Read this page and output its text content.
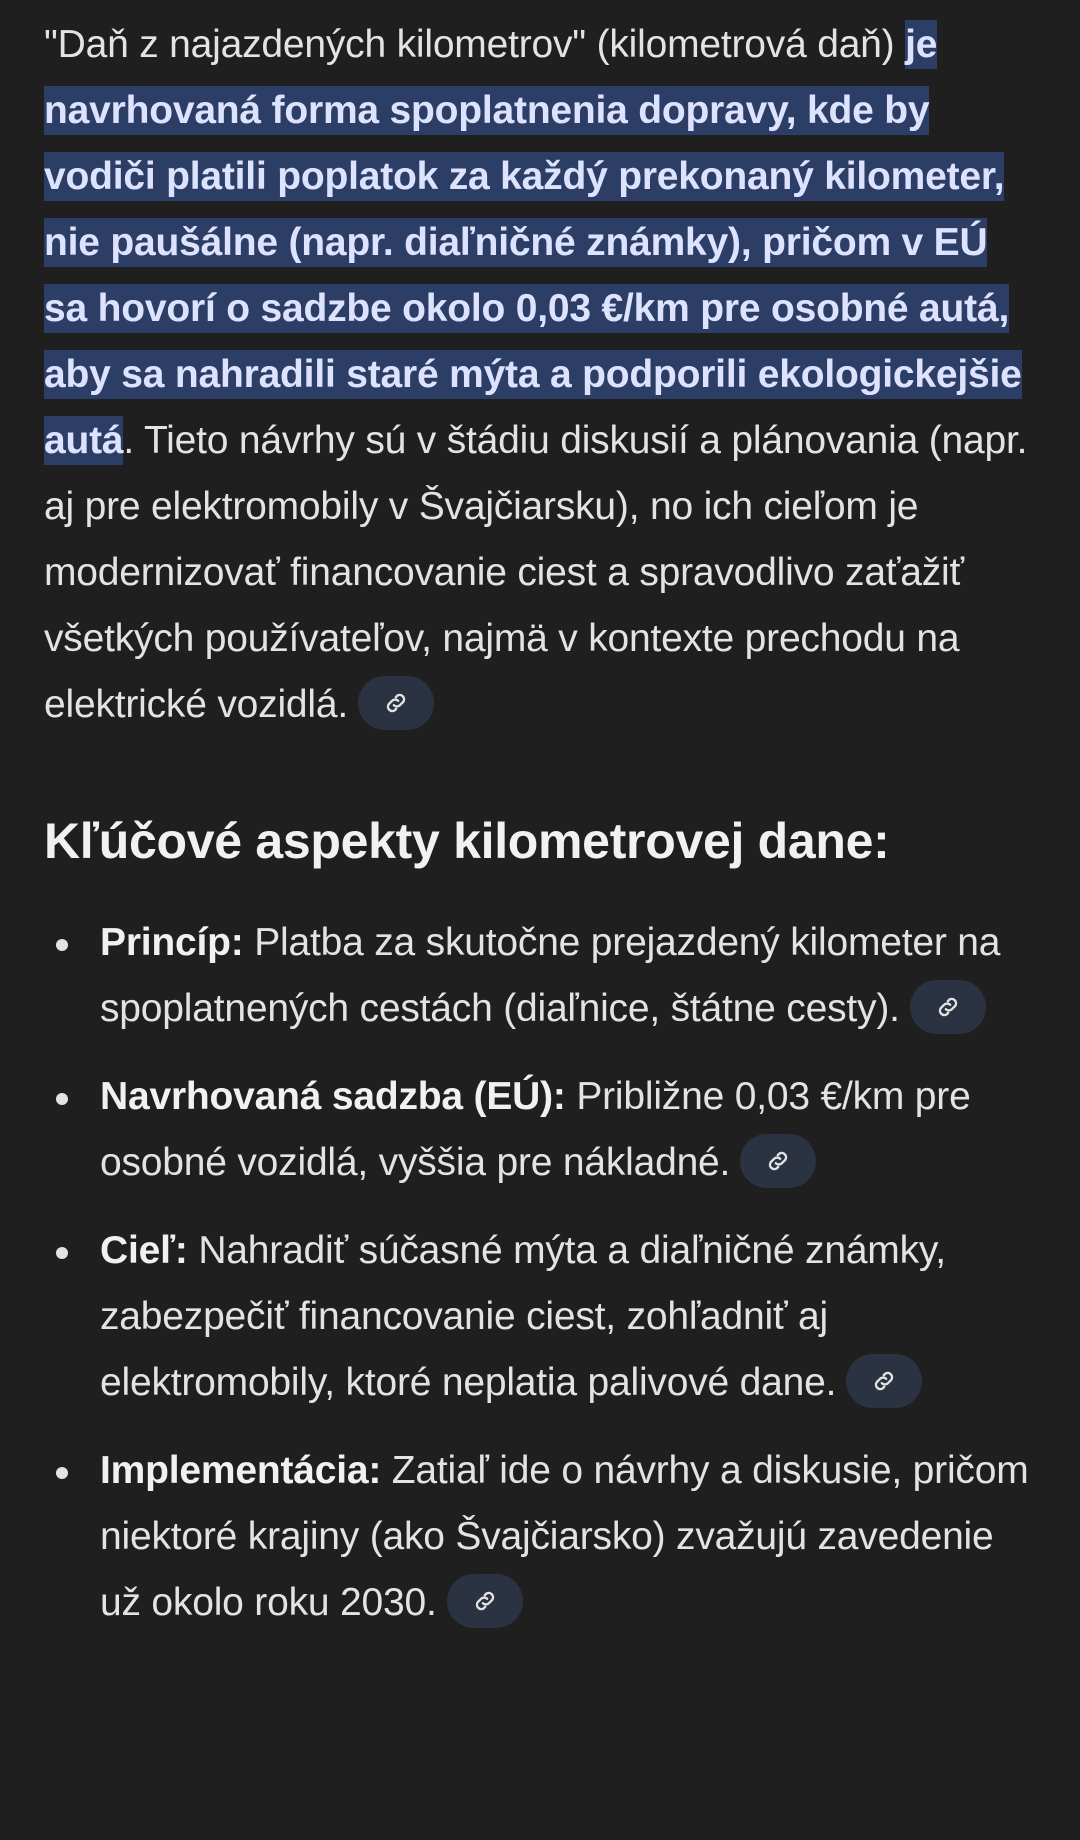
"Daň z najazdených kilometrov" (kilometrová daň) je navrhovaná forma spoplatnenia dopravy, kde by vodiči platili poplatok za každý prekonaný kilometer, nie paušálne (napr. diaľničné známky), pričom v EÚ sa hovorí o sadzbe okolo 0,03 €/km pre osobné autá, aby sa nahradili staré mýta a podporili ekologickejšie autá. Tieto návrhy sú v štádiu diskusií a plánovania (napr. aj pre elektromobily v Švajčiarsku), no ich cieľom je modernizovať financovanie ciest a spravodlivo zaťažiť všetkých používateľov, najmä v kontexte prechodu na elektrické vozidlá.

Kľúčové aspekty kilometrovej dane:
Princíp: Platba za skutočne prejazdený kilometer na spoplatnených cestách (diaľnice, štátne cesty).
Navrhovaná sadzba (EÚ): Približne 0,03 €/km pre osobné vozidlá, vyššia pre nákladné.
Cieľ: Nahradiť súčasné mýta a diaľničné známky, zabezpečiť financovanie ciest, zohľadniť aj elektromobily, ktoré neplatia palivové dane.
Implementácia: Zatiaľ ide o návrhy a diskusie, pričom niektoré krajiny (ako Švajčiarsko) zvažujú zavedenie už okolo roku 2030.
